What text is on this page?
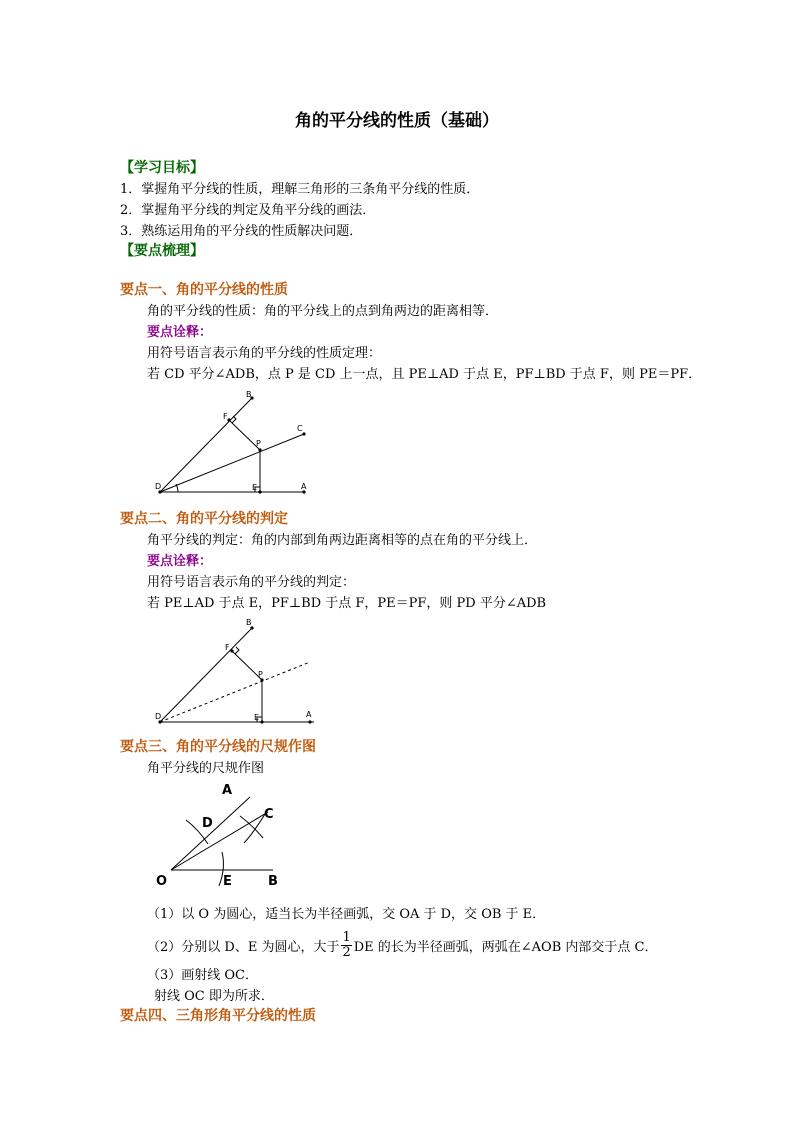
角的平分线的性质（基础）
【学习目标】
1．掌握角平分线的性质，理解三角形的三条角平分线的性质．
2．掌握角平分线的判定及角平分线的画法．
3．熟练运用角的平分线的性质解决问题．
【要点梳理】
要点一、角的平分线的性质
角的平分线的性质：角的平分线上的点到角两边的距离相等．
要点诠释：
用符号语言表示角的平分线的性质定理：
若 CD 平分∠ADB，点 P 是 CD 上一点，且 PE⊥AD 于点 E，PF⊥BD 于点 F，则 PE＝PF．
B
F
P
C
D	E	A
要点二、角的平分线的判定
角平分线的判定：角的内部到角两边距离相等的点在角的平分线上．
要点诠释：
用符号语言表示角的平分线的判定：
若 PE⊥AD 于点 E，PF⊥BD 于点 F，PE＝PF，则 PD 平分∠ADB
B
F
P
D	E	A
要点三、角的平分线的尺规作图
角平分线的尺规作图
A
C
D
O	E	B
（1）以 O 为圆心，适当长为半径画弧，交 OA 于 D，交 OB 于 E．
（2）分别以 D、E 为圆心，大于 $\frac{1}{2}$ DE 的长为半径画弧，两弧在∠AOB 内部交于点 C．
（3）画射线 OC．
射线 OC 即为所求．
要点四、三角形角平分线的性质
